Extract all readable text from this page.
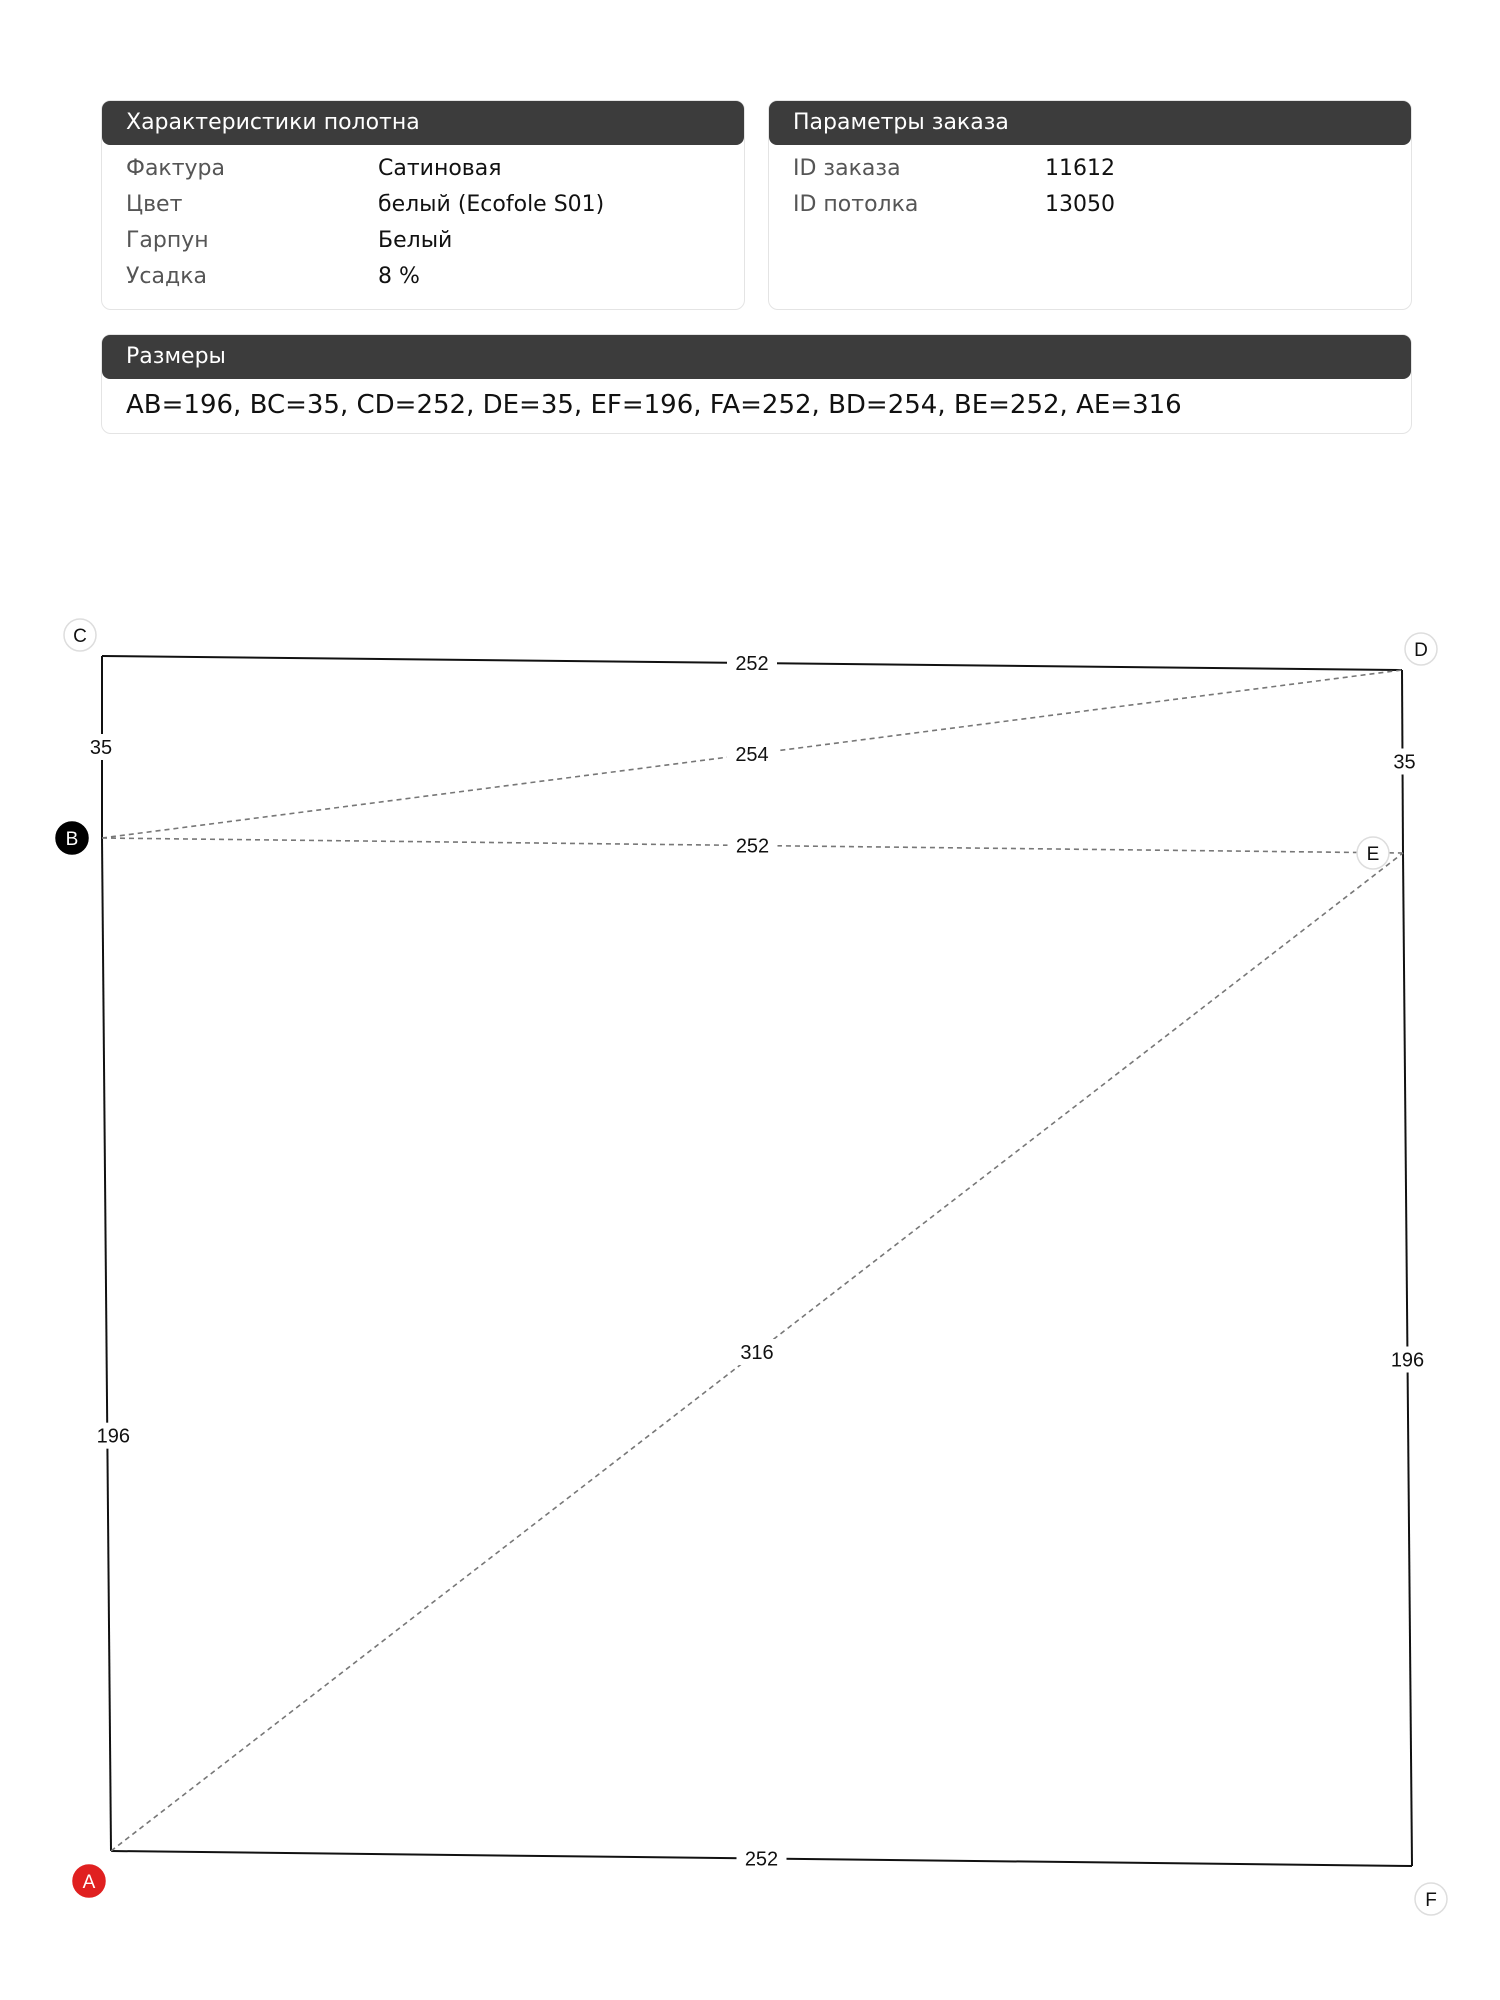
Характеристики полотна
Фактура	Сатиновая
Цвет	белый (Ecofole S01)
Гарпун	Белый
Усадка	8 %
Параметры заказа
ID заказа	11612
ID потолка	13050
Размеры
AB=196, BC=35, CD=252, DE=35, EF=196, FA=252, BD=254, BE=252, AE=316
196
35
252
35
196
252
254
252
316
A
B
C
D
E
F
